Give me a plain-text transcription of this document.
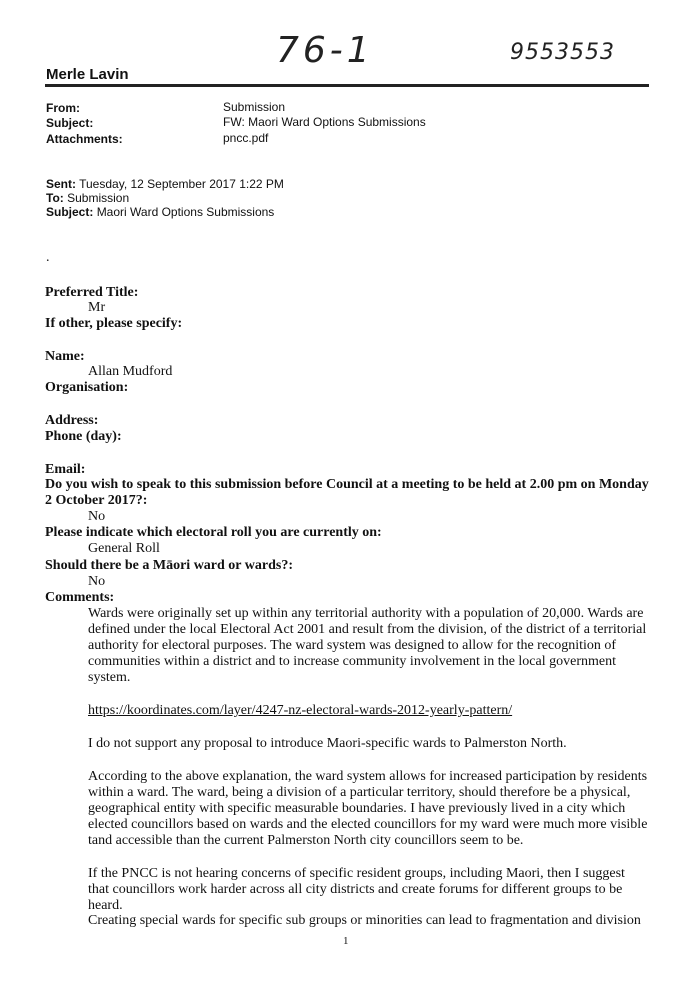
76-1	9553553
Merle Lavin
From:	Submission
Subject:	FW: Maori Ward Options Submissions
Attachments:	pncc.pdf
Sent: Tuesday, 12 September 2017 1:22 PM
To: Submission
Subject: Maori Ward Options Submissions
.
Preferred Title:
Mr
If other, please specify:
Name:
Allan Mudford
Organisation:
Address:
Phone (day):
Email:
Do you wish to speak to this submission before Council at a meeting to be held at 2.00 pm on Monday
2 October 2017?:
No
Please indicate which electoral roll you are currently on:
General Roll
Should there be a Māori ward or wards?:
No
Comments:
Wards were originally set up within any territorial authority with a population of 20,000. Wards are defined under the local Electoral Act 2001 and result from the division, of the district of a territorial authority for electoral purposes. The ward system was designed to allow for the recognition of communities within a district and to increase community involvement in the local government system.
https://koordinates.com/layer/4247-nz-electoral-wards-2012-yearly-pattern/
I do not support any proposal to introduce Maori-specific wards to Palmerston North.
According to the above explanation, the ward system allows for increased participation by residents within a ward. The ward, being a division of a particular territory, should therefore be a physical, geographical entity with specific measurable boundaries. I have previously lived in a city which elected councillors based on wards and the elected councillors for my ward were much more visible tand accessible than the current Palmerston North city councillors seem to be.
If the PNCC is not hearing concerns of specific resident groups, including Maori, then I suggest that councillors work harder across all city districts and create forums for different groups to be heard.
Creating special wards for specific sub groups or minorities can lead to fragmentation and division
1
